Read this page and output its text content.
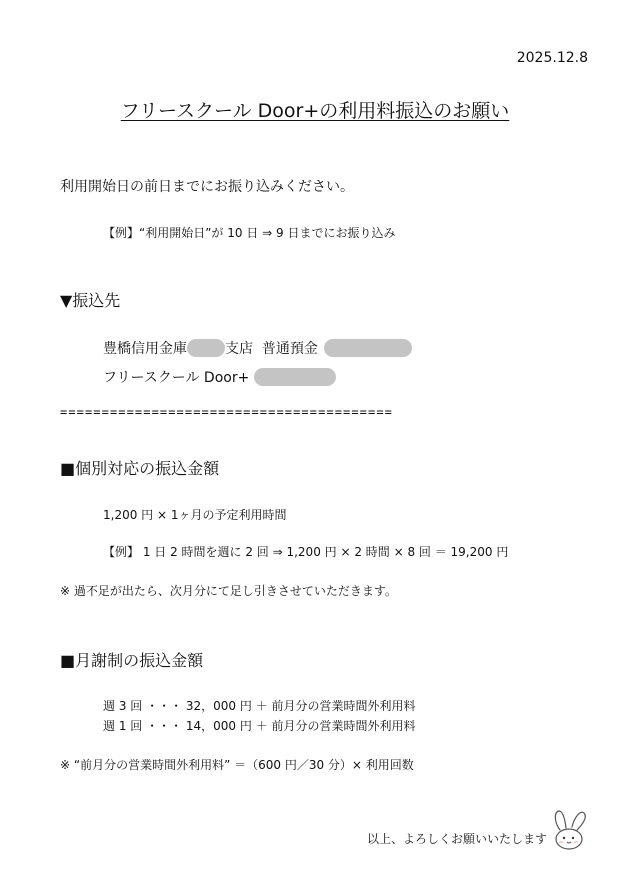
2025.12.8
フリースクール Door+の利用料振込のお願い
利用開始日の前日までにお振り込みください。
【例】“利用開始日”が 10 日 ⇒ 9 日までにお振り込み
▼振込先
豊橋信用金庫	支店 普通預金
フリースクール Door+
========================================
■個別対応の振込金額
1,200 円 × 1ヶ月の予定利用時間
【例】 1 日 2 時間を週に 2 回 ⇒ 1,200 円 × 2 時間 × 8 回 ＝ 19,200 円
※ 過不足が出たら、次月分にて足し引きさせていただきます。
■月謝制の振込金額
週 3 回 ・・・ 32，000 円 ＋ 前月分の営業時間外利用料
週 1 回 ・・・ 14，000 円 ＋ 前月分の営業時間外利用料
※ “前月分の営業時間外利用料” ＝（600 円／30 分）× 利用回数
以上、よろしくお願いいたします
